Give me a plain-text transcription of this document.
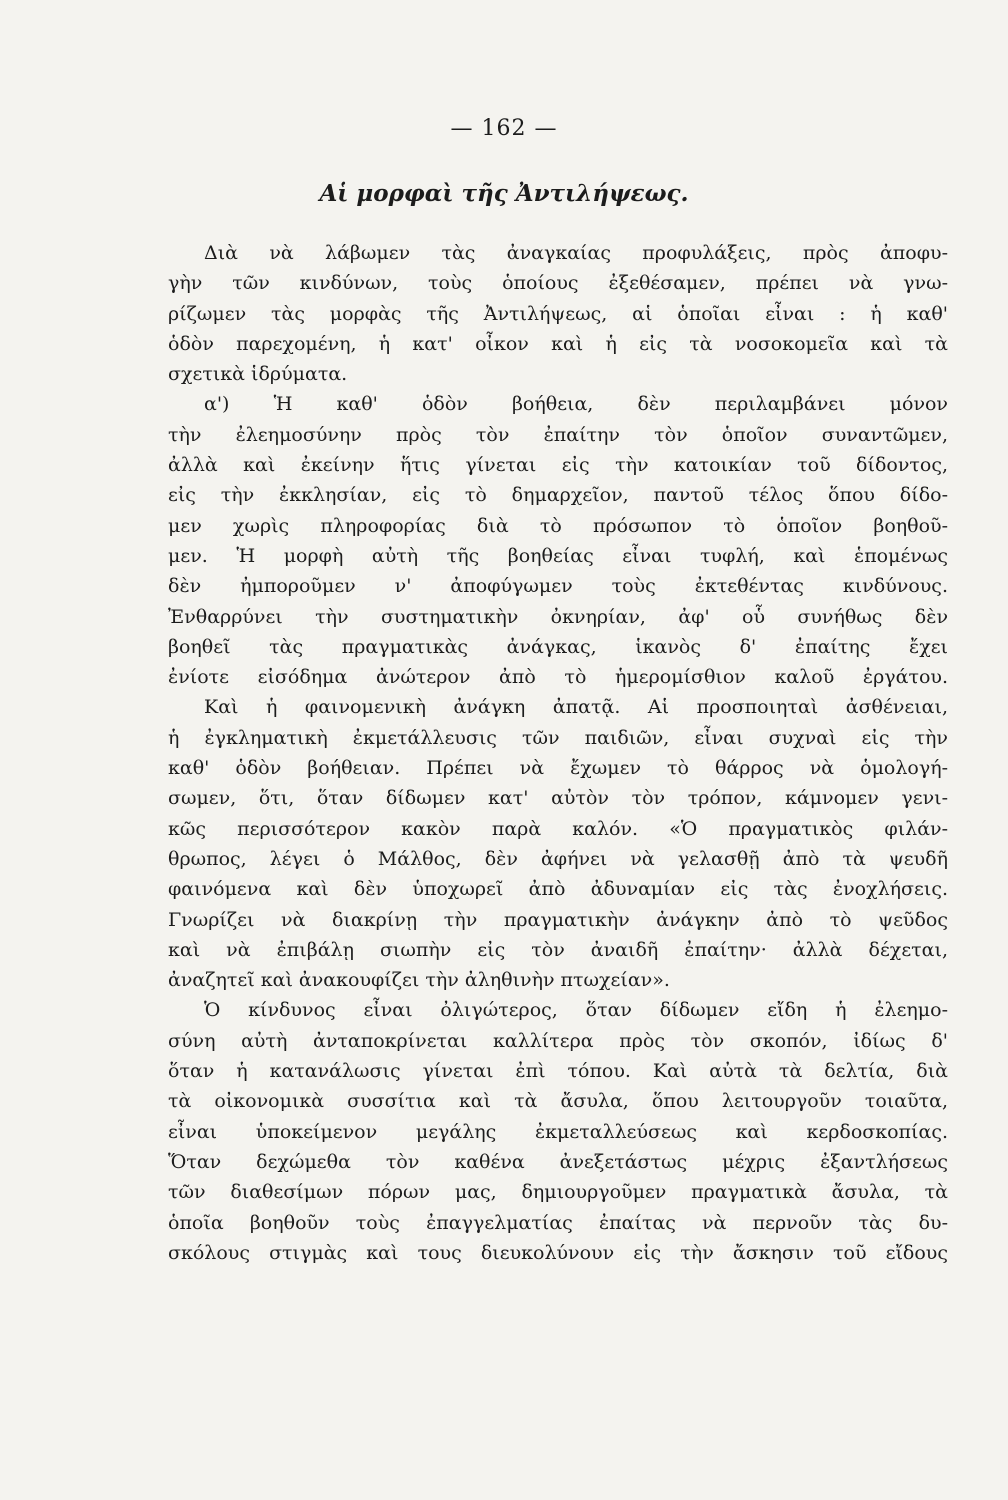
— 162 —
Αἱ μορφαὶ τῆς Ἀντιλήψεως.
Διὰ νὰ λάβωμεν τὰς ἀναγκαίας προφυλάξεις, πρὸς ἀποφυ-
γὴν τῶν κινδύνων, τοὺς ὁποίους ἐξεθέσαμεν, πρέπει νὰ γνω-
ρίζωμεν τὰς μορφὰς τῆς Ἀντιλήψεως, αἱ ὁποῖαι εἶναι : ἡ καθ'
ὁδὸν παρεχομένη, ἡ κατ' οἶκον καὶ ἡ εἰς τὰ νοσοκομεῖα καὶ τὰ
σχετικὰ ἱδρύματα.
α') Ἡ καθ' ὁδὸν βοήθεια, δὲν περιλαμβάνει μόνον
τὴν ἐλεημοσύνην πρὸς τὸν ἐπαίτην τὸν ὁποῖον συναντῶμεν,
ἀλλὰ καὶ ἐκείνην ἥτις γίνεται εἰς τὴν κατοικίαν τοῦ δίδοντος,
εἰς τὴν ἐκκλησίαν, εἰς τὸ δημαρχεῖον, παντοῦ τέλος ὅπου δίδο-
μεν χωρὶς πληροφορίας διὰ τὸ πρόσωπον τὸ ὁποῖον βοηθοῦ-
μεν. Ἡ μορφὴ αὐτὴ τῆς βοηθείας εἶναι τυφλή, καὶ ἑπομένως
δὲν ἠμποροῦμεν ν' ἀποφύγωμεν τοὺς ἐκτεθέντας κινδύνους.
Ἐνθαρρύνει τὴν συστηματικὴν ὀκνηρίαν, ἀφ' οὗ συνήθως δὲν
βοηθεῖ τὰς πραγματικὰς ἀνάγκας, ἱκανὸς δ' ἐπαίτης ἔχει
ἐνίοτε εἰσόδημα ἀνώτερον ἀπὸ τὸ ἡμερομίσθιον καλοῦ ἐργάτου.
Καὶ ἡ φαινομενικὴ ἀνάγκη ἀπατᾷ. Αἱ προσποιηταὶ ἀσθένειαι,
ἡ ἐγκληματικὴ ἐκμετάλλευσις τῶν παιδιῶν, εἶναι συχναὶ εἰς τὴν
καθ' ὁδὸν βοήθειαν. Πρέπει νὰ ἔχωμεν τὸ θάρρος νὰ ὁμολογή-
σωμεν, ὅτι, ὅταν δίδωμεν κατ' αὐτὸν τὸν τρόπον, κάμνομεν γενι-
κῶς περισσότερον κακὸν παρὰ καλόν. «Ὁ πραγματικὸς φιλάν-
θρωπος, λέγει ὁ Μάλθος, δὲν ἀφήνει νὰ γελασθῇ ἀπὸ τὰ ψευδῆ
φαινόμενα καὶ δὲν ὑποχωρεῖ ἀπὸ ἀδυναμίαν εἰς τὰς ἐνοχλήσεις.
Γνωρίζει νὰ διακρίνῃ τὴν πραγματικὴν ἀνάγκην ἀπὸ τὸ ψεῦδος
καὶ νὰ ἐπιβάλῃ σιωπὴν εἰς τὸν ἀναιδῆ ἐπαίτην· ἀλλὰ δέχεται,
ἀναζητεῖ καὶ ἀνακουφίζει τὴν ἀληθινὴν πτωχείαν».
Ὁ κίνδυνος εἶναι ὀλιγώτερος, ὅταν δίδωμεν εἴδη ἡ ἐλεημο-
σύνη αὐτὴ ἀνταποκρίνεται καλλίτερα πρὸς τὸν σκοπόν, ἰδίως δ'
ὅταν ἡ κατανάλωσις γίνεται ἐπὶ τόπου. Καὶ αὐτὰ τὰ δελτία, διὰ
τὰ οἰκονομικὰ συσσίτια καὶ τὰ ἄσυλα, ὅπου λειτουργοῦν τοιαῦτα,
εἶναι ὑποκείμενον μεγάλης ἐκμεταλλεύσεως καὶ κερδοσκοπίας.
Ὅταν δεχώμεθα τὸν καθένα ἀνεξετάστως μέχρις ἐξαντλήσεως
τῶν διαθεσίμων πόρων μας, δημιουργοῦμεν πραγματικὰ ἄσυλα, τὰ
ὁποῖα βοηθοῦν τοὺς ἐπαγγελματίας ἐπαίτας νὰ περνοῦν τὰς δυ-
σκόλους στιγμὰς καὶ τους διευκολύνουν εἰς τὴν ἄσκησιν τοῦ εἴδους
